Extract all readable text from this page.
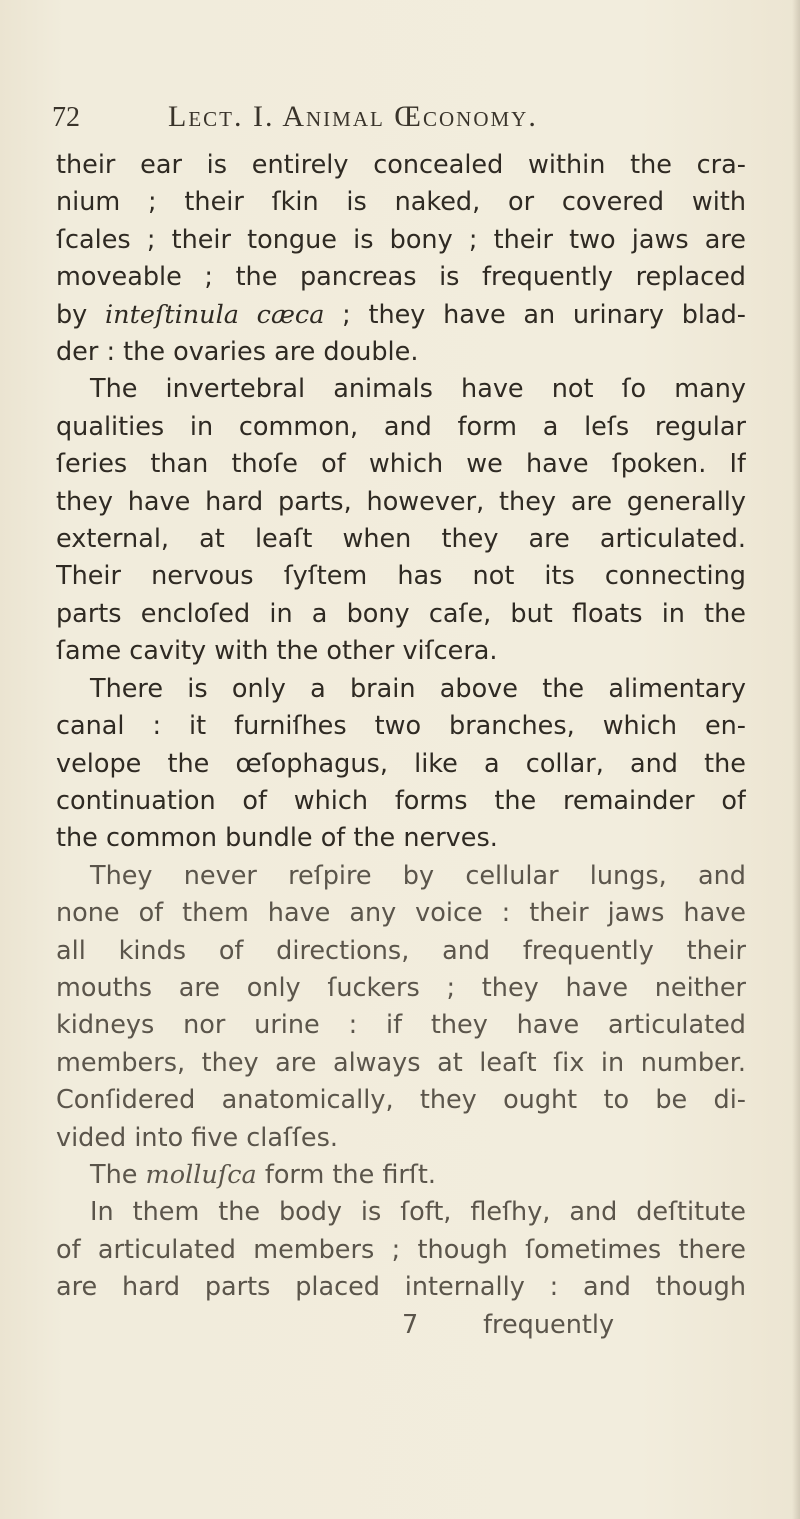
72	Lect. I. Animal Œconomy.
their ear is entirely concealed within the cra-
nium ; their ſkin is naked, or covered with
ſcales ; their tongue is bony ; their two jaws are
moveable ; the pancreas is frequently replaced
by inteſtinula cæca ; they have an urinary blad-
der : the ovaries are double.
The invertebral animals have not ſo many
qualities in common, and form a leſs regular
ſeries than thoſe of which we have ſpoken. If
they have hard parts, however, they are generally
external, at leaſt when they are articulated.
Their nervous ſyſtem has not its connecting
parts encloſed in a bony caſe, but floats in the
ſame cavity with the other viſcera.
There is only a brain above the alimentary
canal : it furniſhes two branches, which en-
velope the œſophagus, like a collar, and the
continuation of which forms the remainder of
the common bundle of the nerves.
They never reſpire by cellular lungs, and
none of them have any voice : their jaws have
all kinds of directions, and frequently their
mouths are only ſuckers ; they have neither
kidneys nor urine : if they have articulated
members, they are always at leaſt ſix in number.
Conſidered anatomically, they ought to be di-
vided into five claſſes.
The molluſca form the firſt.
In them the body is ſoft, fleſhy, and deſtitute
of articulated members ; though ſometimes there
are hard parts placed internally : and though
7        frequently
